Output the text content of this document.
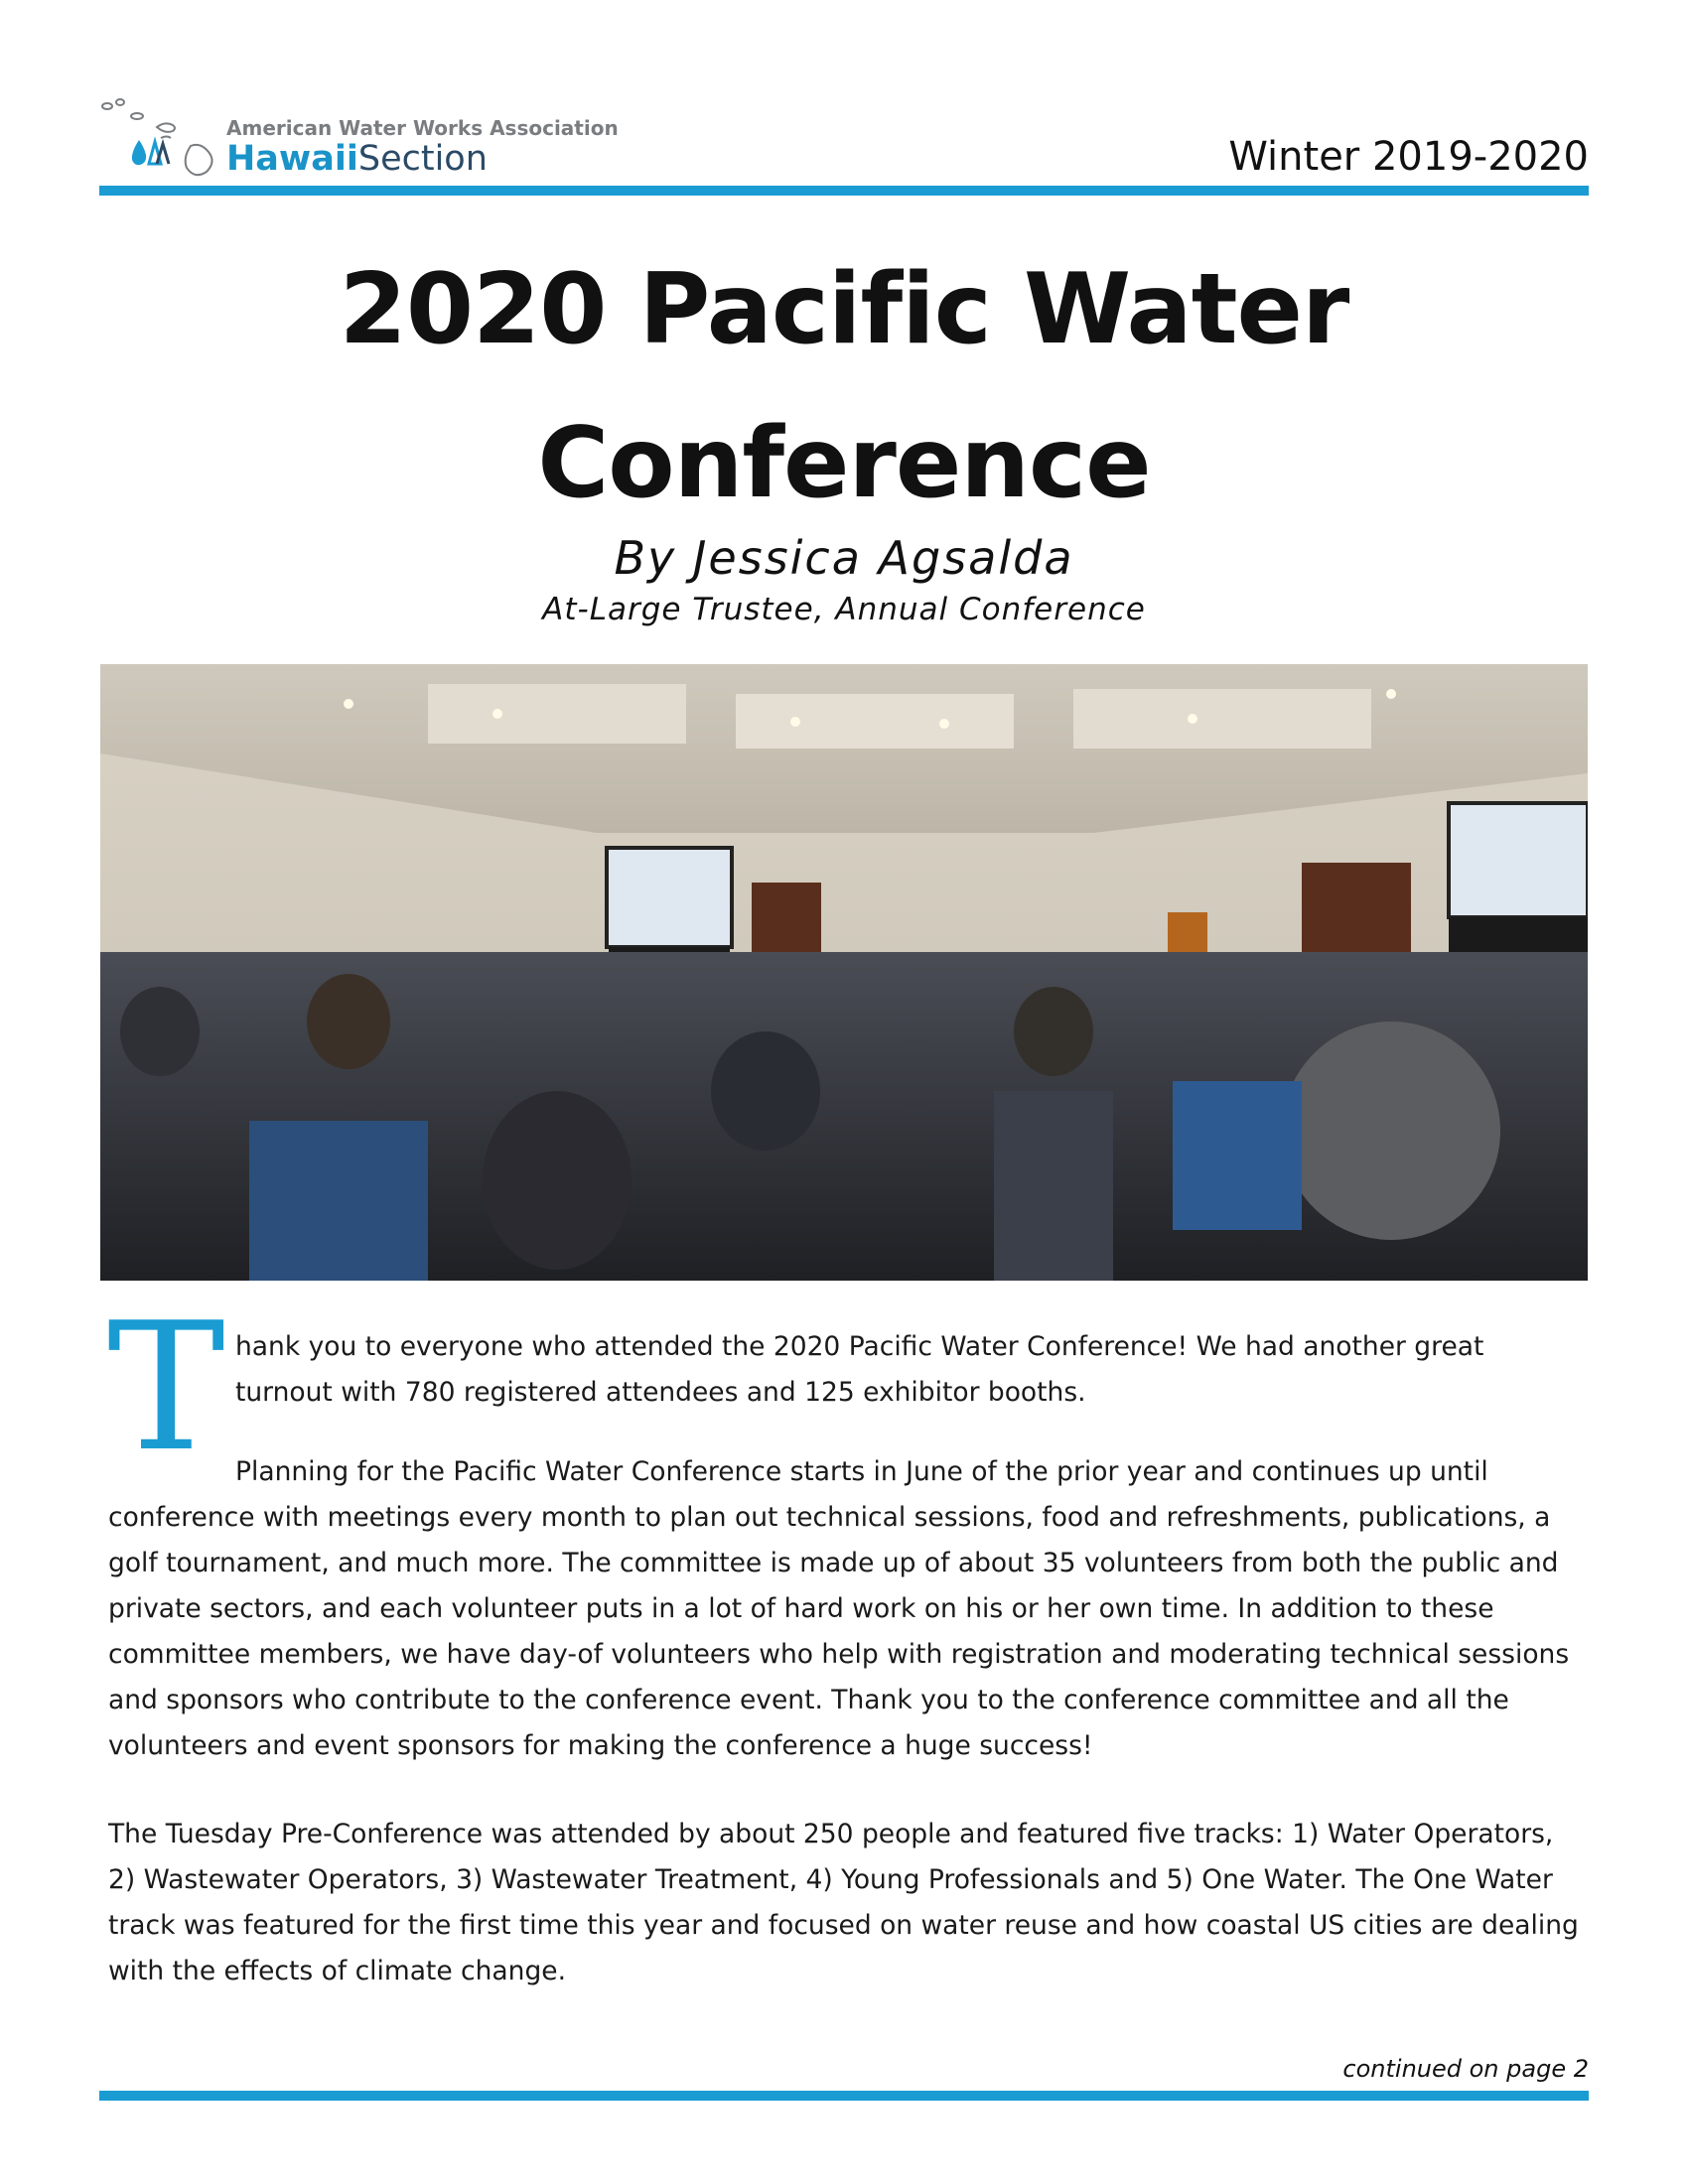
American Water Works Association
HawaiiSection	Winter 2019-2020
2020 Pacific Water
Conference
By Jessica Agsalda
At-Large Trustee, Annual Conference
T hank you to everyone who attended the 2020 Pacific Water Conference! We had another great turnout with 780 registered attendees and 125 exhibitor booths.

Planning for the Pacific Water Conference starts in June of the prior year and continues up until conference with meetings every month to plan out technical sessions, food and refreshments, publications, a golf tournament, and much more. The committee is made up of about 35 volunteers from both the public and private sectors, and each volunteer puts in a lot of hard work on his or her own time. In addition to these committee members, we have day-of volunteers who help with registration and moderating technical sessions and sponsors who contribute to the conference event. Thank you to the conference committee and all the volunteers and event sponsors for making the conference a huge success!

The Tuesday Pre-Conference was attended by about 250 people and featured five tracks: 1) Water Operators, 2) Wastewater Operators, 3) Wastewater Treatment, 4) Young Professionals and 5) One Water. The One Water track was featured for the first time this year and focused on water reuse and how coastal US cities are dealing with the effects of climate change.

continued on page 2
